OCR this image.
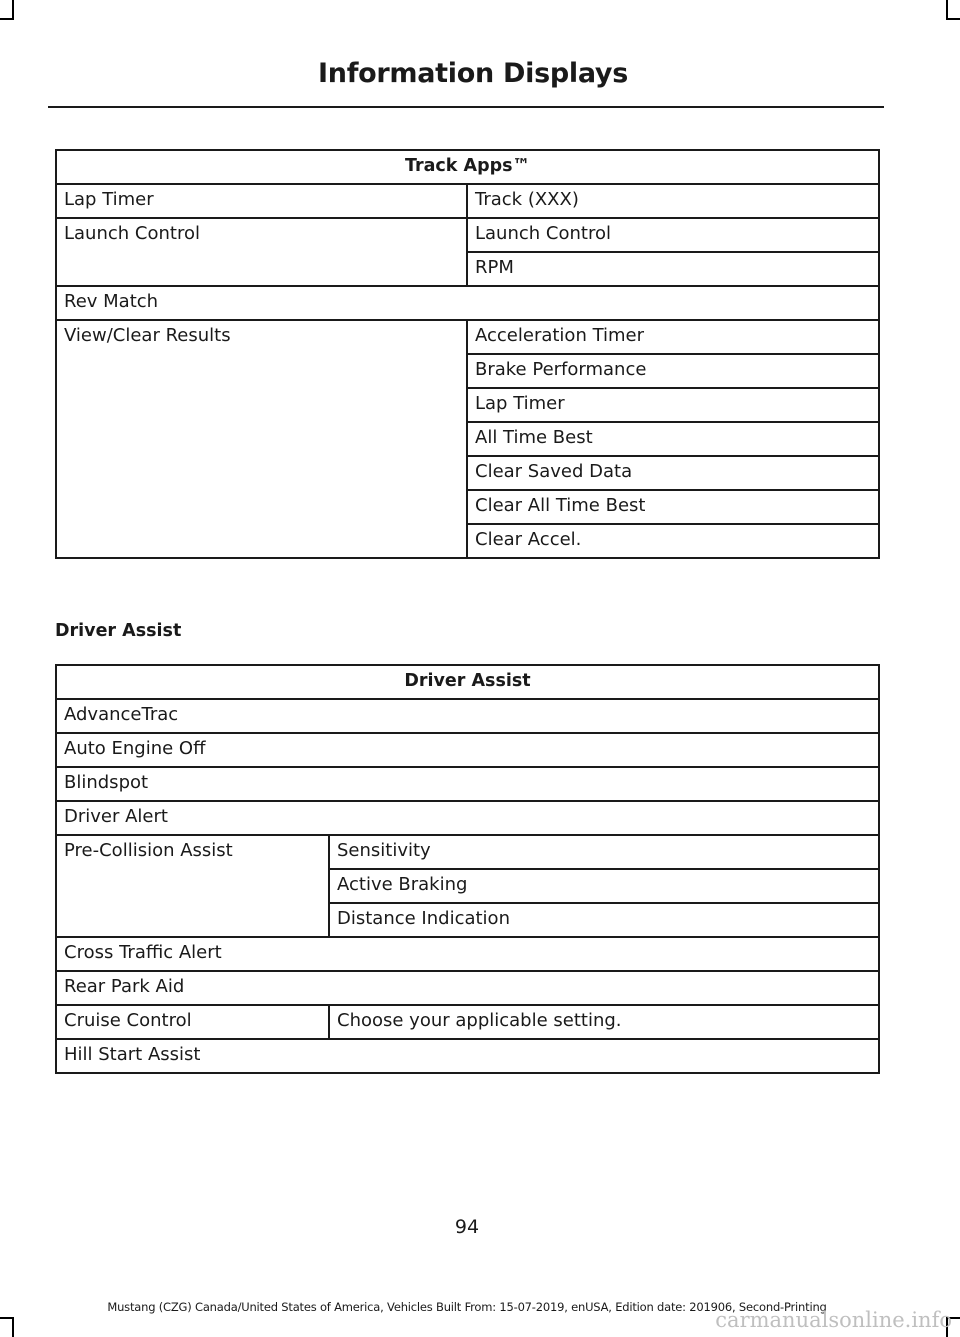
Information Displays
Track Apps™	
Lap Timer	Track (XXX)
Launch Control	Launch Control
	RPM
Rev Match	
View/Clear Results	Acceleration Timer
	Brake Performance
	Lap Timer
	All Time Best
	Clear Saved Data
	Clear All Time Best
	Clear Accel.
Driver Assist
Driver Assist	
AdvanceTrac	
Auto Engine Off	
Blindspot	
Driver Alert	
Pre-Collision Assist	Sensitivity
	Active Braking
	Distance Indication
Cross Traffic Alert	
Rear Park Aid	
Cruise Control	Choose your applicable setting.
Hill Start Assist	
94
Mustang (CZG) Canada/United States of America, Vehicles Built From: 15-07-2019, enUSA, Edition date: 201906, Second-Printing
carmanualsonline.info
